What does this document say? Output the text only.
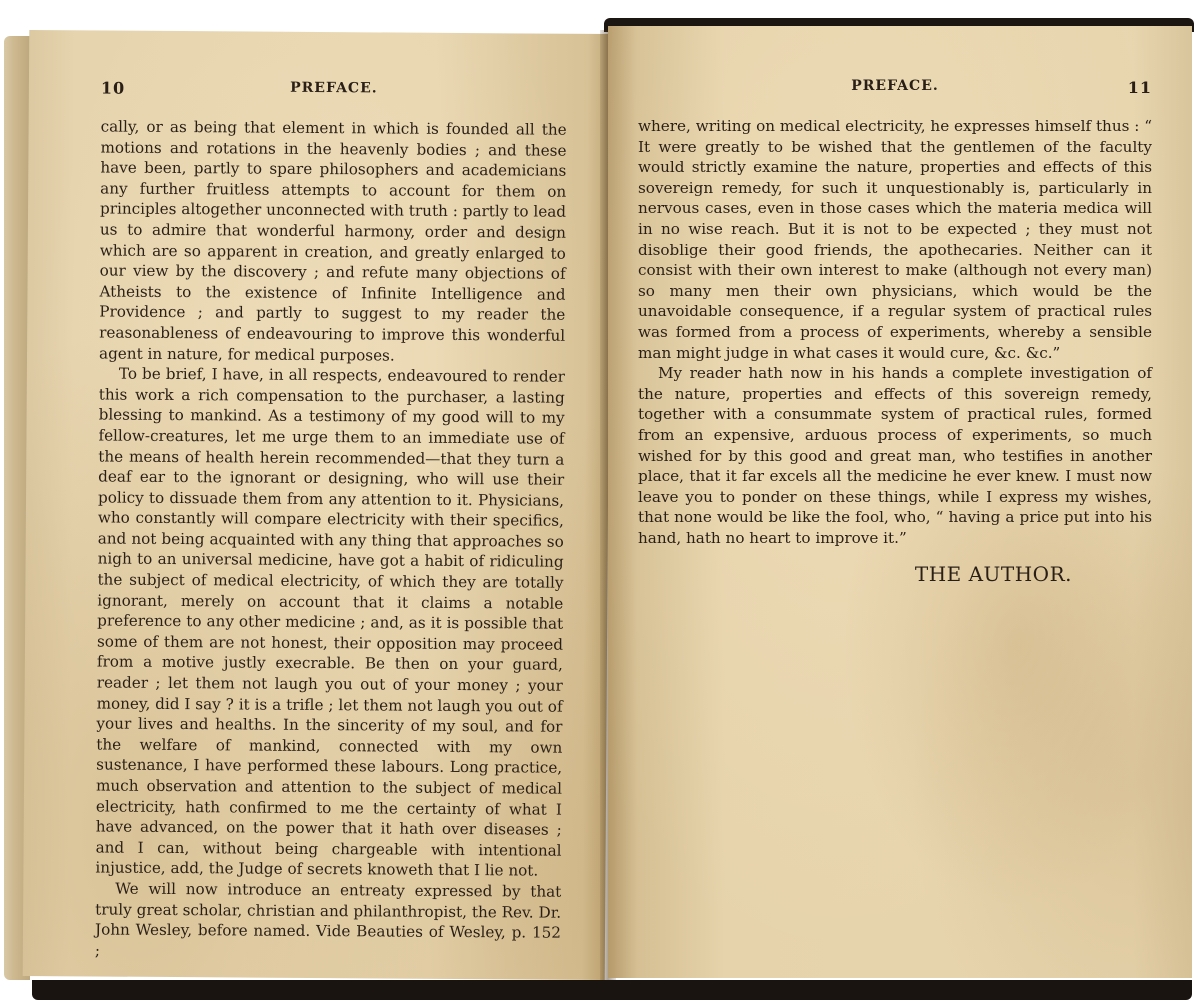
10	PREFACE.

cally, or as being that element in which is founded all the motions and rotations in the heavenly bodies ; and these have been, partly to spare philosophers and academicians any further fruitless attempts to account for them on principles altogether unconnected with truth : partly to lead us to admire that wonderful harmony, order and design which are so apparent in creation, and greatly enlarged to our view by the discovery ; and refute many objections of Atheists to the existence of Infinite Intelligence and Providence ; and partly to suggest to my reader the reasonableness of endeavouring to improve this wonderful agent in nature, for medical purposes.

To be brief, I have, in all respects, endeavoured to render this work a rich compensation to the purchaser, a lasting blessing to mankind. As a testimony of my good will to my fellow-creatures, let me urge them to an immediate use of the means of health herein recommended—that they turn a deaf ear to the ignorant or designing, who will use their policy to dissuade them from any attention to it. Physicians, who constantly will compare electricity with their specifics, and not being acquainted with any thing that approaches so nigh to an universal medicine, have got a habit of ridiculing the subject of medical electricity, of which they are totally ignorant, merely on account that it claims a notable preference to any other medicine ; and, as it is possible that some of them are not honest, their opposition may proceed from a motive justly execrable. Be then on your guard, reader ; let them not laugh you out of your money ; your money, did I say ? it is a trifle ; let them not laugh you out of your lives and healths. In the sincerity of my soul, and for the welfare of mankind, connected with my own sustenance, I have performed these labours. Long practice, much observation and attention to the subject of medical electricity, hath confirmed to me the certainty of what I have advanced, on the power that it hath over diseases ; and I can, without being chargeable with intentional injustice, add, the Judge of secrets knoweth that I lie not.

We will now introduce an entreaty expressed by that truly great scholar, christian and philanthropist, the Rev. Dr. John Wesley, before named. Vide Beauties of Wesley, p. 152 ;

PREFACE.	11

where, writing on medical electricity, he expresses himself thus : “ It were greatly to be wished that the gentlemen of the faculty would strictly examine the nature, properties and effects of this sovereign remedy, for such it unquestionably is, particularly in nervous cases, even in those cases which the materia medica will in no wise reach. But it is not to be expected ; they must not disoblige their good friends, the apothecaries. Neither can it consist with their own interest to make (although not every man) so many men their own physicians, which would be the unavoidable consequence, if a regular system of practical rules was formed from a process of experiments, whereby a sensible man might judge in what cases it would cure, &c. &c.”

My reader hath now in his hands a complete investigation of the nature, properties and effects of this sovereign remedy, together with a consummate system of practical rules, formed from an expensive, arduous process of experiments, so much wished for by this good and great man, who testifies in another place, that it far excels all the medicine he ever knew. I must now leave you to ponder on these things, while I express my wishes, that none would be like the fool, who, “ having a price put into his hand, hath no heart to improve it.”

THE AUTHOR.
